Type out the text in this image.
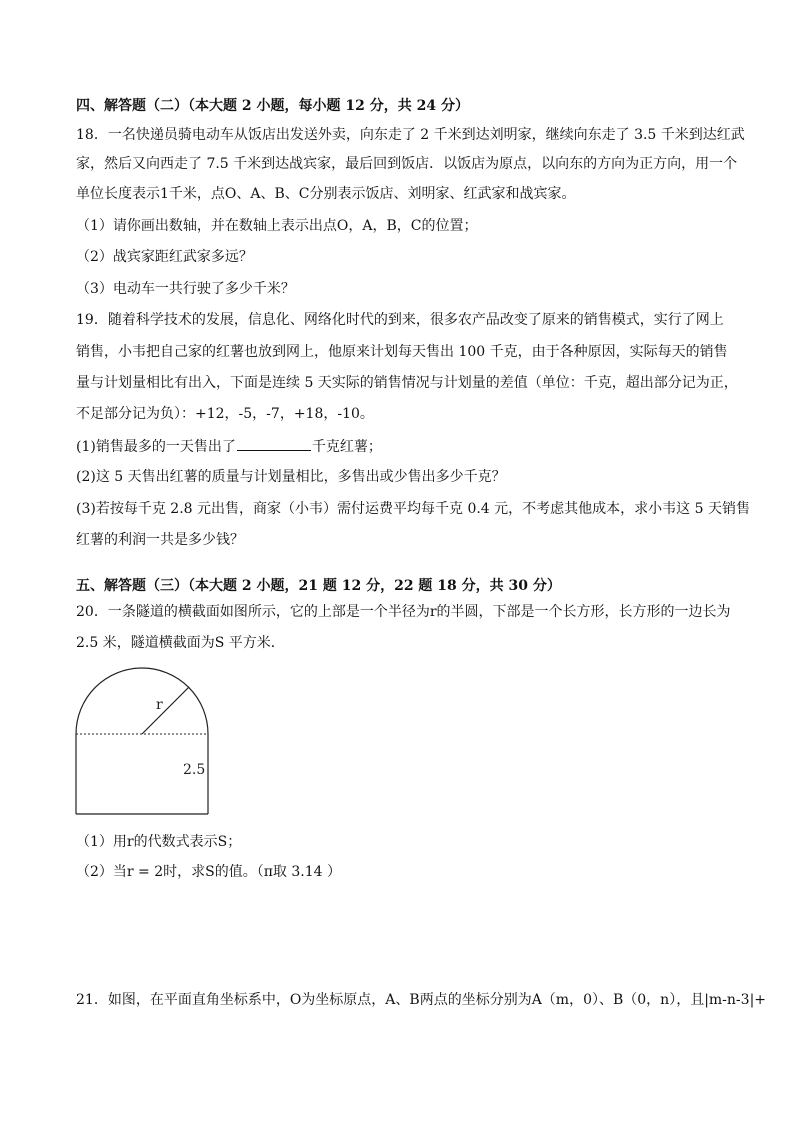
四、解答题（二）（本大题 2 小题，每小题 12 分，共 24 分）
18．一名快递员骑电动车从饭店出发送外卖，向东走了 2 千米到达刘明家，继续向东走了 3.5 千米到达红武
家，然后又向西走了 7.5 千米到达战宾家，最后回到饭店．以饭店为原点，以向东的方向为正方向，用一个
单位长度表示1千米，点O、A、B、C分别表示饭店、刘明家、红武家和战宾家。
（1）请你画出数轴，并在数轴上表示出点O，A，B，C的位置；
（2）战宾家距红武家多远？
（3）电动车一共行驶了多少千米？
19．随着科学技术的发展，信息化、网络化时代的到来，很多农产品改变了原来的销售模式，实行了网上
销售，小韦把自己家的红薯也放到网上，他原来计划每天售出 100 千克，由于各种原因，实际每天的销售
量与计划量相比有出入，下面是连续 5 天实际的销售情况与计划量的差值（单位：千克，超出部分记为正，
不足部分记为负）：+12，-5，-7，+18，-10。
(1)销售最多的一天售出了	千克红薯；
(2)这 5 天售出红薯的质量与计划量相比，多售出或少售出多少千克？
(3)若按每千克 2.8 元出售，商家（小韦）需付运费平均每千克 0.4 元，不考虑其他成本，求小韦这 5 天销售
红薯的利润一共是多少钱？
五、解答题（三）（本大题 2 小题，21 题 12 分，22 题 18 分，共 30 分）
20．一条隧道的横截面如图所示，它的上部是一个半径为r的半圆，下部是一个长方形，长方形的一边长为
2.5 米，隧道横截面为S 平方米．
r
2.5
（1）用r的代数式表示S；
（2）当r = 2时，求S的值。（π取 3.14 ）
21．如图，在平面直角坐标系中，O为坐标原点，A、B两点的坐标分别为A（m，0）、B（0，n），且|m-n-3|+
